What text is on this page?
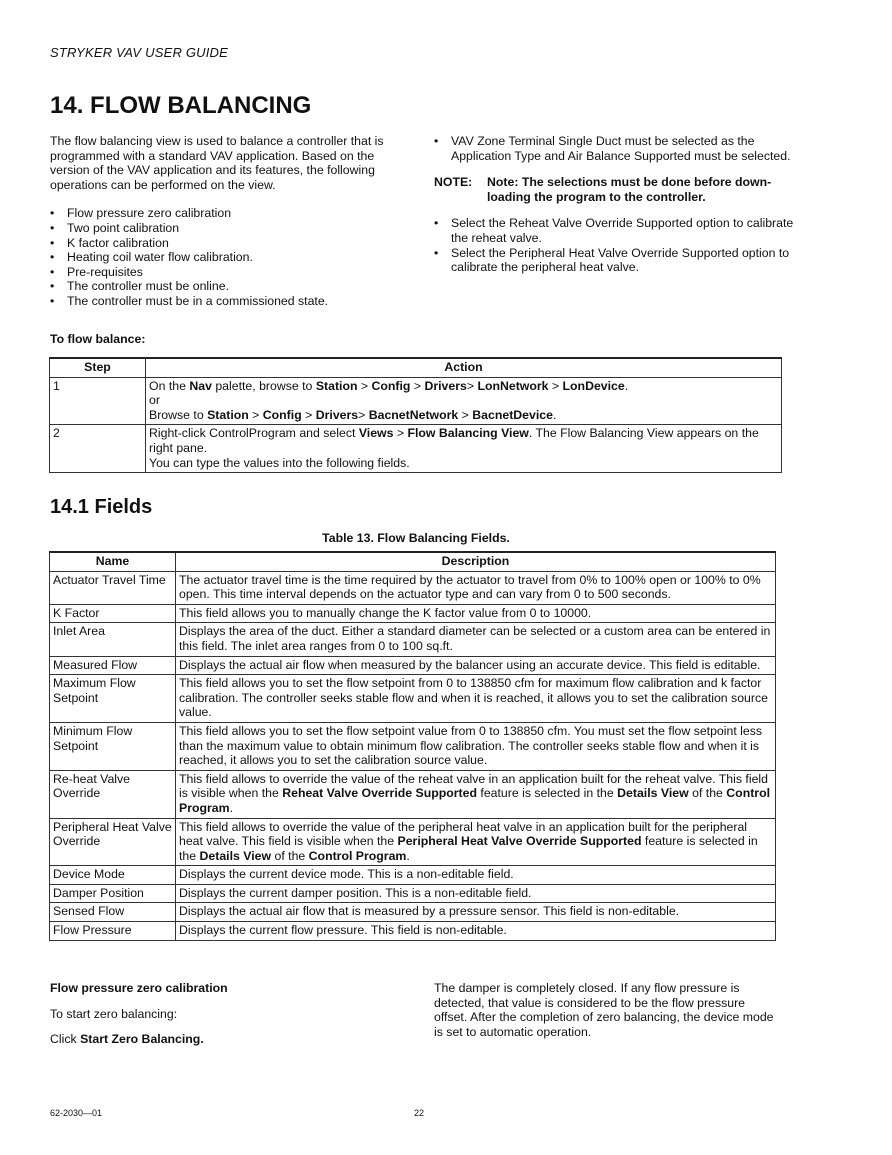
STRYKER VAV USER GUIDE
14. FLOW BALANCING

The flow balancing view is used to balance a controller that is programmed with a standard VAV application. Based on the version of the VAV application and its features, the following operations can be performed on the view.

• Flow pressure zero calibration
• Two point calibration
• K factor calibration
• Heating coil water flow calibration.
• Pre-requisites
• The controller must be online.
• The controller must be in a commissioned state.
• VAV Zone Terminal Single Duct must be selected as the Application Type and Air Balance Supported must be selected.
NOTE:	Note: The selections must be done before down-loading the program to the controller.
• Select the Reheat Valve Override Supported option to calibrate the reheat valve.
• Select the Peripheral Heat Valve Override Supported option to calibrate the peripheral heat valve.
To flow balance:
Step	Action
1	On the Nav palette, browse to Station > Config > Drivers> LonNetwork > LonDevice.
or
Browse to Station > Config > Drivers> BacnetNetwork > BacnetDevice.

2	Right-click ControlProgram and select Views > Flow Balancing View. The Flow Balancing View appears on the right pane.
You can type the values into the following fields.
14.1 Fields
Table 13. Flow Balancing Fields.
Name	Description
Actuator Travel Time	The actuator travel time is the time required by the actuator to travel from 0% to 100% open or 100% to 0% open. This time interval depends on the actuator type and can vary from 0 to 500 seconds.
K Factor	This field allows you to manually change the K factor value from 0 to 10000.
Inlet Area	Displays the area of the duct. Either a standard diameter can be selected or a custom area can be entered in this field. The inlet area ranges from 0 to 100 sq.ft.
Measured Flow	Displays the actual air flow when measured by the balancer using an accurate device. This field is editable.
Maximum Flow Setpoint	This field allows you to set the flow setpoint from 0 to 138850 cfm for maximum flow calibration and k factor calibration. The controller seeks stable flow and when it is reached, it allows you to set the calibration source value.
Minimum Flow Setpoint	This field allows you to set the flow setpoint value from 0 to 138850 cfm. You must set the flow setpoint less than the maximum value to obtain minimum flow calibration. The controller seeks stable flow and when it is reached, it allows you to set the calibration source value.
Re-heat Valve Override	This field allows to override the value of the reheat valve in an application built for the reheat valve. This field is visible when the Reheat Valve Override Supported feature is selected in the Details View of the Control Program.
Peripheral Heat Valve Override	This field allows to override the value of the peripheral heat valve in an application built for the peripheral heat valve. This field is visible when the Peripheral Heat Valve Override Supported feature is selected in the Details View of the Control Program.
Device Mode	Displays the current device mode. This is a non-editable field.
Damper Position	Displays the current damper position. This is a non-editable field.
Sensed Flow	Displays the actual air flow that is measured by a pressure sensor. This field is non-editable.
Flow Pressure	Displays the current flow pressure. This field is non-editable.
Flow pressure zero calibration
To start zero balancing:
Click Start Zero Balancing.

The damper is completely closed. If any flow pressure is detected, that value is considered to be the flow pressure offset. After the completion of zero balancing, the device mode is set to automatic operation.

62-2030—01	22
